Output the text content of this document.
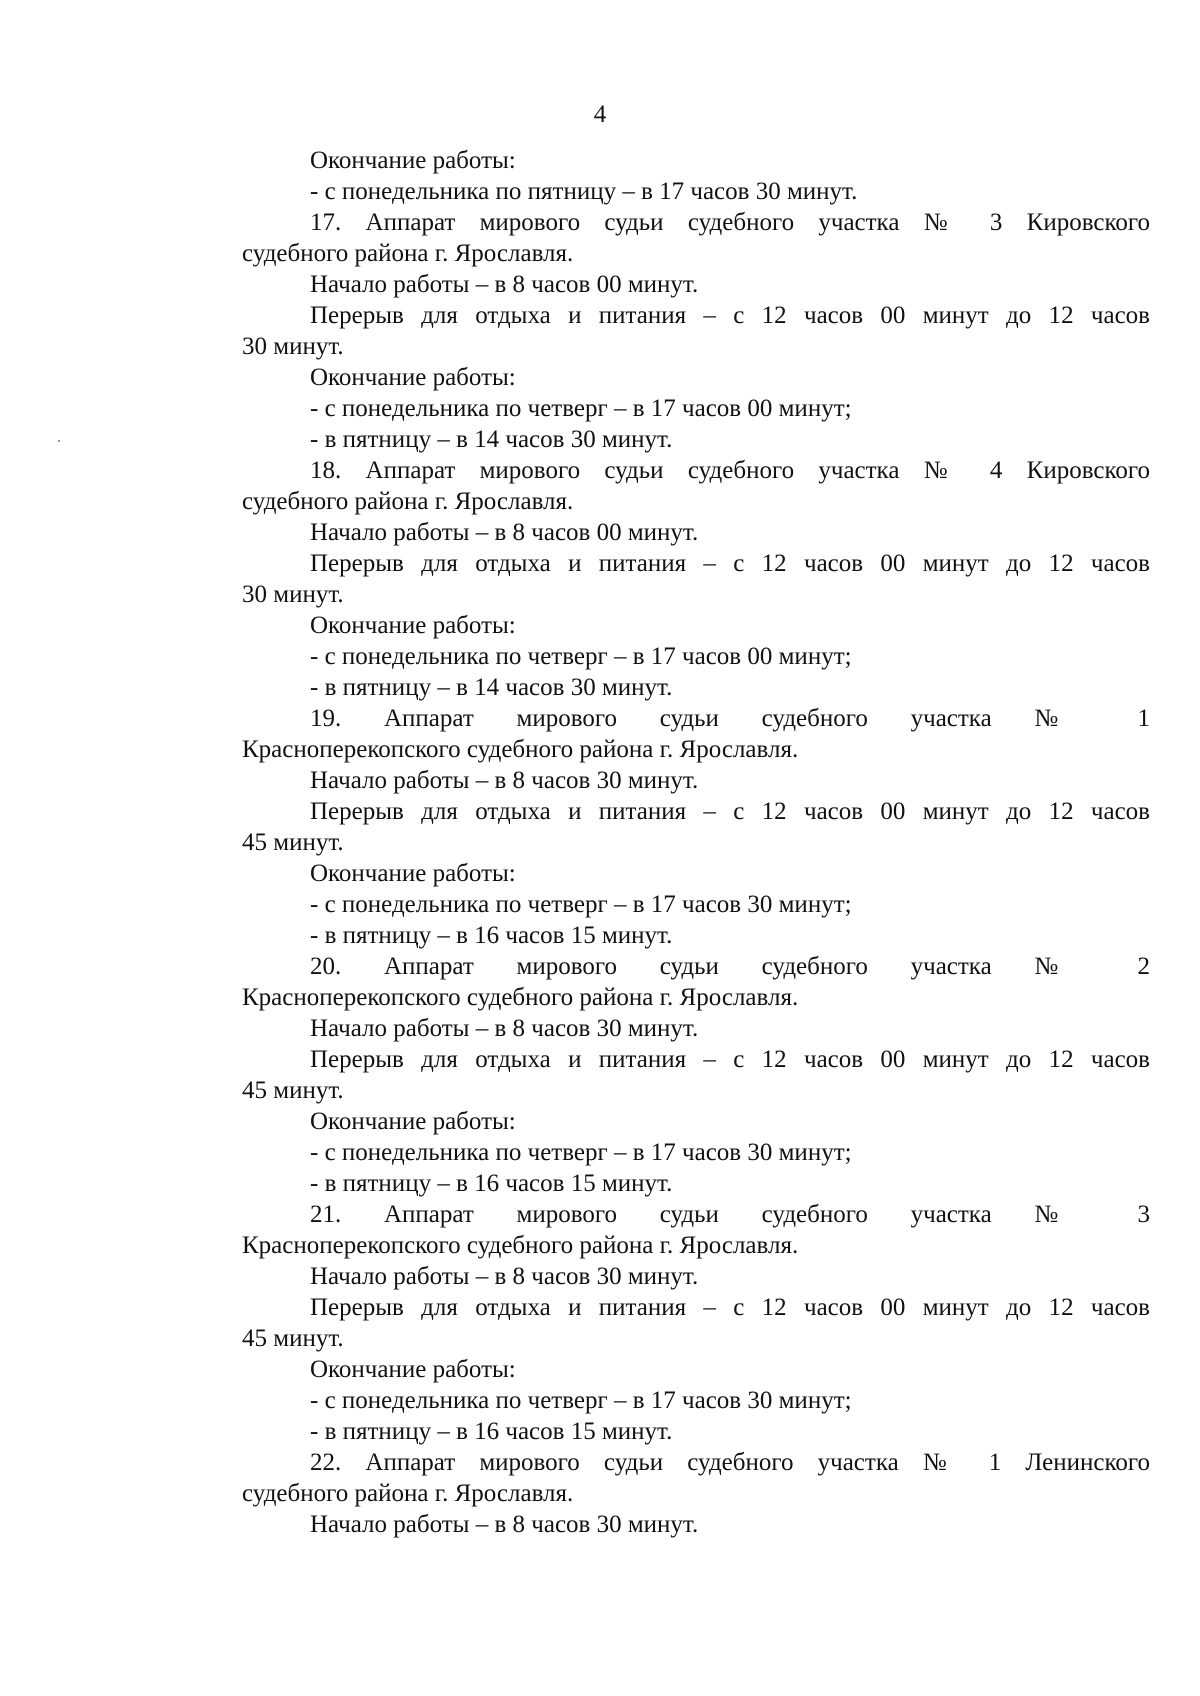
4
Окончание работы:
- с понедельника по пятницу – в 17 часов 30 минут.
17. Аппарат мирового судьи судебного участка № 3 Кировского
судебного района г. Ярославля.
Начало работы – в 8 часов 00 минут.
Перерыв для отдыха и питания – с 12 часов 00 минут до 12 часов
30 минут.
Окончание работы:
- с понедельника по четверг – в 17 часов 00 минут;
- в пятницу – в 14 часов 30 минут.
18. Аппарат мирового судьи судебного участка № 4 Кировского
судебного района г. Ярославля.
Начало работы – в 8 часов 00 минут.
Перерыв для отдыха и питания – с 12 часов 00 минут до 12 часов
30 минут.
Окончание работы:
- с понедельника по четверг – в 17 часов 00 минут;
- в пятницу – в 14 часов 30 минут.
19. Аппарат мирового судьи судебного участка № 1
Красноперекопского судебного района г. Ярославля.
Начало работы – в 8 часов 30 минут.
Перерыв для отдыха и питания – с 12 часов 00 минут до 12 часов
45 минут.
Окончание работы:
- с понедельника по четверг – в 17 часов 30 минут;
- в пятницу – в 16 часов 15 минут.
20. Аппарат мирового судьи судебного участка № 2
Красноперекопского судебного района г. Ярославля.
Начало работы – в 8 часов 30 минут.
Перерыв для отдыха и питания – с 12 часов 00 минут до 12 часов
45 минут.
Окончание работы:
- с понедельника по четверг – в 17 часов 30 минут;
- в пятницу – в 16 часов 15 минут.
21. Аппарат мирового судьи судебного участка № 3
Красноперекопского судебного района г. Ярославля.
Начало работы – в 8 часов 30 минут.
Перерыв для отдыха и питания – с 12 часов 00 минут до 12 часов
45 минут.
Окончание работы:
- с понедельника по четверг – в 17 часов 30 минут;
- в пятницу – в 16 часов 15 минут.
22. Аппарат мирового судьи судебного участка № 1 Ленинского
судебного района г. Ярославля.
Начало работы – в 8 часов 30 минут.
